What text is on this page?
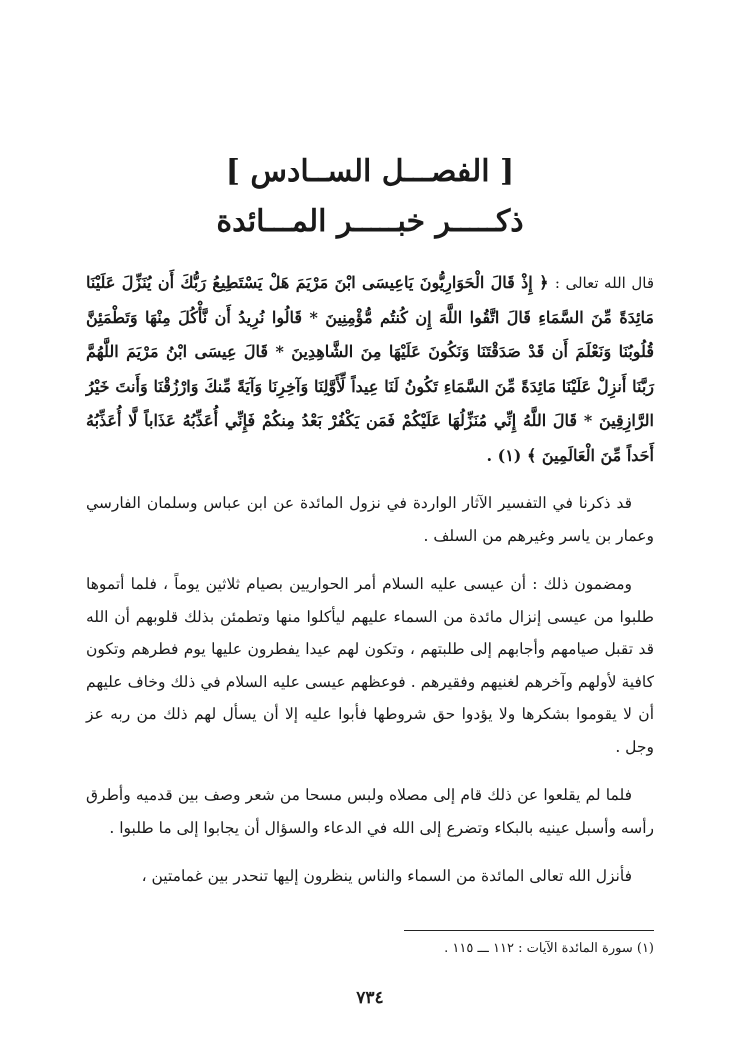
[ الفصـــل الســادس ]
ذكـــــر خبـــــر المـــائدة

قال الله تعالى : ﴿ إِذْ قَالَ الْحَوَارِيُّونَ يَاعِيسَى ابْنَ مَرْيَمَ هَلْ يَسْتَطِيعُ رَبُّكَ أَن يُنَزِّلَ عَلَيْنَا مَائِدَةً مِّنَ السَّمَاءِ قَالَ اتَّقُوا اللَّهَ إِن كُنتُم مُّؤْمِنِينَ * قَالُوا نُرِيدُ أَن نَّأْكُلَ مِنْهَا وَتَطْمَئِنَّ قُلُوبُنَا وَنَعْلَمَ أَن قَدْ صَدَقْتَنَا وَنَكُونَ عَلَيْهَا مِنَ الشَّاهِدِينَ * قَالَ عِيسَى ابْنُ مَرْيَمَ اللَّهُمَّ رَبَّنَا أَنزِلْ عَلَيْنَا مَائِدَةً مِّنَ السَّمَاءِ تَكُونُ لَنَا عِيداً لِّأَوَّلِنَا وَآخِرِنَا وَآيَةً مِّنكَ وَارْزُقْنَا وَأَنتَ خَيْرُ الرَّازِقِينَ * قَالَ اللَّهُ إِنِّي مُنَزِّلُهَا عَلَيْكُمْ فَمَن يَكْفُرْ بَعْدُ مِنكُمْ فَإِنِّي أُعَذِّبُهُ عَذَاباً لَّا أُعَذِّبُهُ أَحَداً مِّنَ الْعَالَمِينَ ﴾ (١) .

قد ذكرنا في التفسير الآثار الواردة في نزول المائدة عن ابن عباس وسلمان الفارسي وعمار بن ياسر وغيرهم من السلف .

ومضمون ذلك : أن عيسى عليه السلام أمر الحواريين بصيام ثلاثين يوماً ، فلما أتموها طلبوا من عيسى إنزال مائدة من السماء عليهم ليأكلوا منها وتطمئن بذلك قلوبهم أن الله قد تقبل صيامهم وأجابهم إلى طلبتهم ، وتكون لهم عيدا يفطرون عليها يوم فطرهم وتكون كافية لأولهم وآخرهم لغنيهم وفقيرهم . فوعظهم عيسى عليه السلام في ذلك وخاف عليهم أن لا يقوموا بشكرها ولا يؤدوا حق شروطها فأبوا عليه إلا أن يسأل لهم ذلك من ربه عز وجل .

فلما لم يقلعوا عن ذلك قام إلى مصلاه ولبس مسحا من شعر وصف بين قدميه وأطرق رأسه وأسبل عينيه بالبكاء وتضرع إلى الله في الدعاء والسؤال أن يجابوا إلى ما طلبوا .

فأنزل الله تعالى المائدة من السماء والناس ينظرون إليها تنحدر بين غمامتين ،

(١) سورة المائدة الآيات : ١١٢ ـــ ١١٥ .
٧٣٤
